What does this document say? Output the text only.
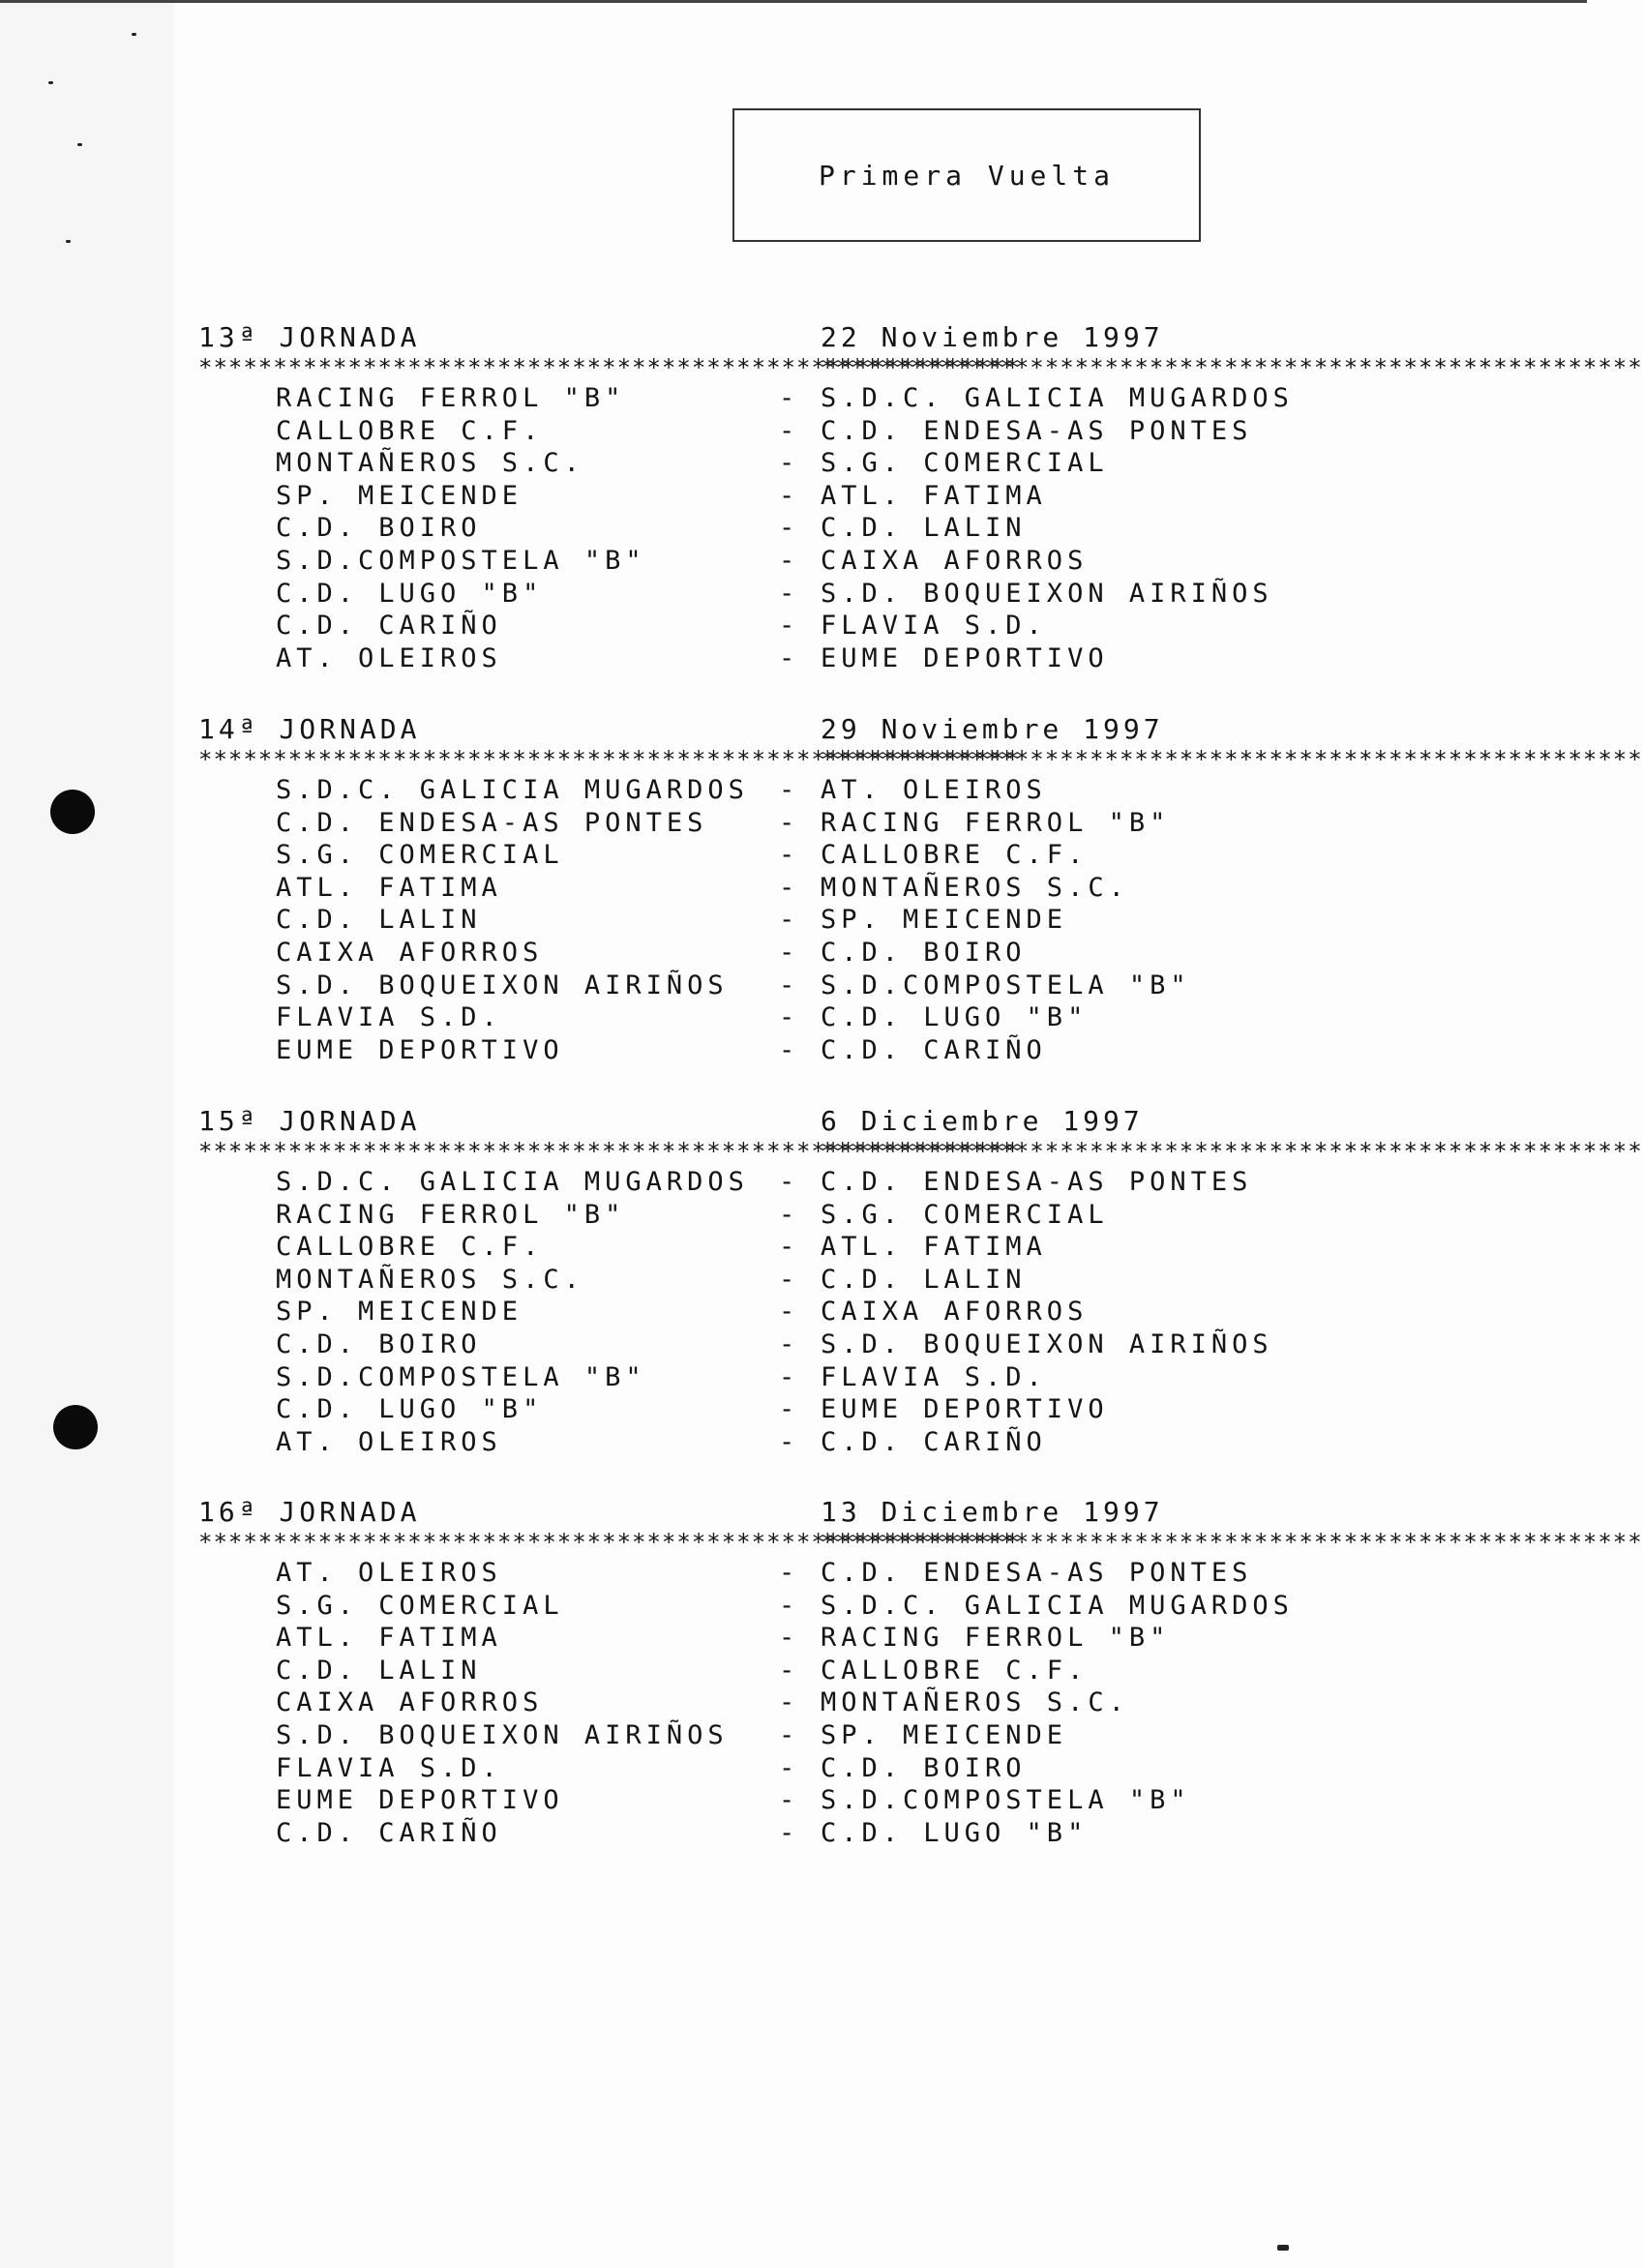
Primera Vuelta
13ª JORNADA	22 Noviembre 1997
*******************************************************
*******************************************************
RACING FERROL "B"	- S.D.C. GALICIA MUGARDOS
CALLOBRE C.F.	- C.D. ENDESA-AS PONTES
MONTAÑEROS S.C.	- S.G. COMERCIAL
SP. MEICENDE	- ATL. FATIMA
C.D. BOIRO	- C.D. LALIN
S.D.COMPOSTELA "B"	- CAIXA AFORROS
C.D. LUGO "B"	- S.D. BOQUEIXON AIRIÑOS
C.D. CARIÑO	- FLAVIA S.D.
AT. OLEIROS	- EUME DEPORTIVO
14ª JORNADA	29 Noviembre 1997
*******************************************************
*******************************************************
S.D.C. GALICIA MUGARDOS - AT. OLEIROS
C.D. ENDESA-AS PONTES	- RACING FERROL "B"
S.G. COMERCIAL	- CALLOBRE C.F.
ATL. FATIMA	- MONTAÑEROS S.C.
C.D. LALIN	- SP. MEICENDE
CAIXA AFORROS	- C.D. BOIRO
S.D. BOQUEIXON AIRIÑOS - S.D.COMPOSTELA "B"
FLAVIA S.D.	- C.D. LUGO "B"
EUME DEPORTIVO	- C.D. CARIÑO
15ª JORNADA	6 Diciembre 1997
*******************************************************
*******************************************************
S.D.C. GALICIA MUGARDOS - C.D. ENDESA-AS PONTES
RACING FERROL "B"	- S.G. COMERCIAL
CALLOBRE C.F.	- ATL. FATIMA
MONTAÑEROS S.C.	- C.D. LALIN
SP. MEICENDE	- CAIXA AFORROS
C.D. BOIRO	- S.D. BOQUEIXON AIRIÑOS
S.D.COMPOSTELA "B"	- FLAVIA S.D.
C.D. LUGO "B"	- EUME DEPORTIVO
AT. OLEIROS	- C.D. CARIÑO
16ª JORNADA	13 Diciembre 1997
*******************************************************
*******************************************************
AT. OLEIROS	- C.D. ENDESA-AS PONTES
S.G. COMERCIAL	- S.D.C. GALICIA MUGARDOS
ATL. FATIMA	- RACING FERROL "B"
C.D. LALIN	- CALLOBRE C.F.
CAIXA AFORROS	- MONTAÑEROS S.C.
S.D. BOQUEIXON AIRIÑOS - SP. MEICENDE
FLAVIA S.D.	- C.D. BOIRO
EUME DEPORTIVO	- S.D.COMPOSTELA "B"
C.D. CARIÑO	- C.D. LUGO "B"
